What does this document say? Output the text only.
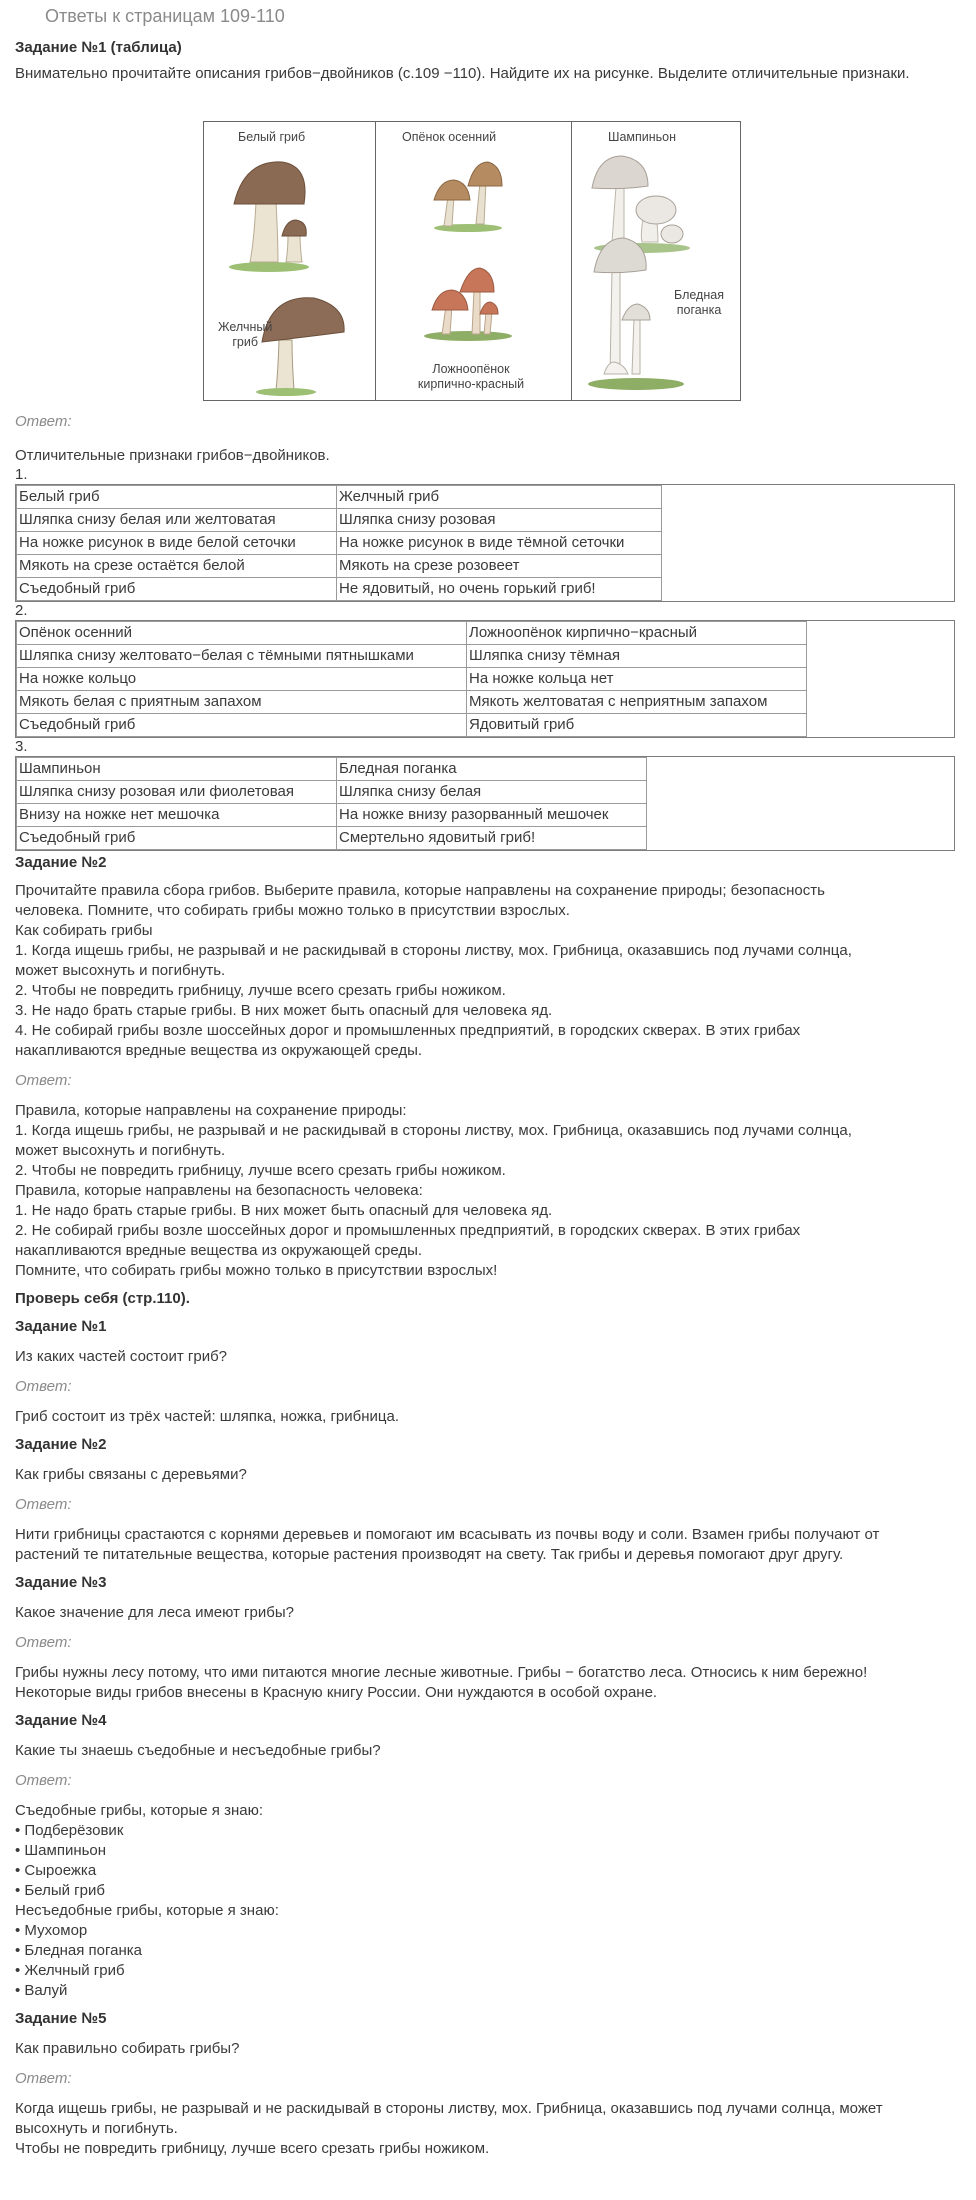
Ответы к страницам 109-110
Задание №1 (таблица)
Внимательно прочитайте описания грибов−двойников (с.109 −110). Найдите их на рисунке. Выделите отличительные признаки.
Ответ:
Отличительные признаки грибов−двойников.
1.
Белый гриб	Желчный гриб
Шляпка снизу белая или желтоватая	Шляпка снизу розовая
На ножке рисунок в виде белой сеточки	На ножке рисунок в виде тёмной сеточки
Мякоть на срезе остаётся белой	Мякоть на срезе розовеет
Съедобный гриб	Не ядовитый, но очень горький гриб!
2.
Опёнок осенний	Ложноопёнок кирпично−красный
Шляпка снизу желтовато−белая с тёмными пятнышками	Шляпка снизу тёмная
На ножке кольцо	На ножке кольца нет
Мякоть белая с приятным запахом	Мякоть желтоватая с неприятным запахом
Съедобный гриб	Ядовитый гриб
3.
Шампиньон	Бледная поганка
Шляпка снизу розовая или фиолетовая	Шляпка снизу белая
Внизу на ножке нет мешочка	На ножке внизу разорванный мешочек
Съедобный гриб	Смертельно ядовитый гриб!
Задание №2
Прочитайте правила сбора грибов. Выберите правила, которые направлены на сохранение природы; безопасность
человека. Помните, что собирать грибы можно только в присутствии взрослых.
Как собирать грибы
1. Когда ищешь грибы, не разрывай и не раскидывай в стороны листву, мох. Грибница, оказавшись под лучами солнца,
может высохнуть и погибнуть.
2. Чтобы не повредить грибницу, лучше всего срезать грибы ножиком.
3. Не надо брать старые грибы. В них может быть опасный для человека яд.
4. Не собирай грибы возле шоссейных дорог и промышленных предприятий, в городских скверах. В этих грибах
накапливаются вредные вещества из окружающей среды.
Ответ:
Правила, которые направлены на сохранение природы:
1. Когда ищешь грибы, не разрывай и не раскидывай в стороны листву, мох. Грибница, оказавшись под лучами солнца,
может высохнуть и погибнуть.
2. Чтобы не повредить грибницу, лучше всего срезать грибы ножиком.
Правила, которые направлены на безопасность человека:
1. Не надо брать старые грибы. В них может быть опасный для человека яд.
2. Не собирай грибы возле шоссейных дорог и промышленных предприятий, в городских скверах. В этих грибах
накапливаются вредные вещества из окружающей среды.
Помните, что собирать грибы можно только в присутствии взрослых!
Проверь себя (стр.110).
Задание №1
Из каких частей состоит гриб?
Ответ:
Гриб состоит из трёх частей: шляпка, ножка, грибница.
Задание №2
Как грибы связаны с деревьями?
Ответ:
Нити грибницы срастаются с корнями деревьев и помогают им всасывать из почвы воду и соли. Взамен грибы получают от
растений те питательные вещества, которые растения производят на свету. Так грибы и деревья помогают друг другу.
Задание №3
Какое значение для леса имеют грибы?
Ответ:
Грибы нужны лесу потому, что ими питаются многие лесные животные. Грибы − богатство леса. Относись к ним бережно!
Некоторые виды грибов внесены в Красную книгу России. Они нуждаются в особой охране.
Задание №4
Какие ты знаешь съедобные и несъедобные грибы?
Ответ:
Съедобные грибы, которые я знаю:
• Подберёзовик
• Шампиньон
• Сыроежка
• Белый гриб
Несъедобные грибы, которые я знаю:
• Мухомор
• Бледная поганка
• Желчный гриб
• Валуй
Задание №5
Как правильно собирать грибы?
Ответ:
Когда ищешь грибы, не разрывай и не раскидывай в стороны листву, мох. Грибница, оказавшись под лучами солнца, может
высохнуть и погибнуть.
Чтобы не повредить грибницу, лучше всего срезать грибы ножиком.
Белый гриб
Желчный
гриб
Опёнок осенний
Ложноопёнок
кирпично-красный
Шампиньон
Бледная
поганка
